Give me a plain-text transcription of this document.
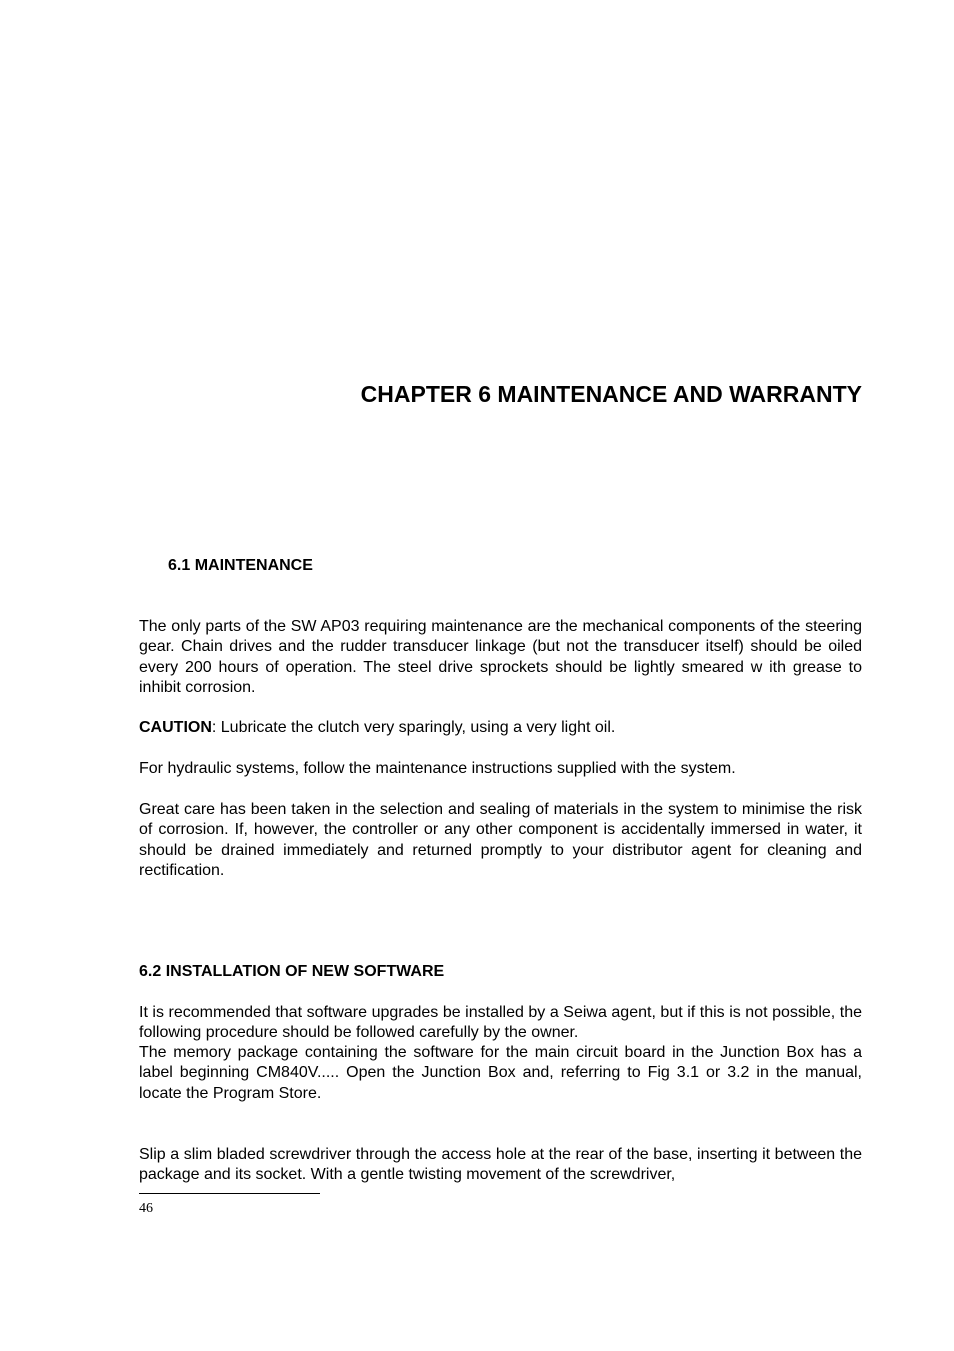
CHAPTER 6 MAINTENANCE AND WARRANTY
6.1 MAINTENANCE

The only parts of the SW AP03 requiring maintenance are the mechanical components of the steering gear. Chain drives and the rudder transducer linkage (but not the transducer itself) should be oiled every 200 hours of operation. The steel drive sprockets should be lightly smeared w ith grease to inhibit corrosion.

CAUTION: Lubricate the clutch very sparingly, using a very light oil.

For hydraulic systems, follow the maintenance instructions supplied with the system.

Great care has been taken in the selection and sealing of materials in the system to minimise the risk of corrosion. If, however, the controller or any other component is accidentally immersed in water, it should be drained immediately and returned promptly to your distributor agent for cleaning and rectification.

6.2 INSTALLATION OF NEW SOFTWARE

It is recommended that software upgrades be installed by a Seiwa agent, but if this is not possible, the following procedure should be followed carefully by the owner.

The memory package containing the software for the main circuit board in the Junction Box has a label beginning CM840V..... Open the Junction Box and, referring to Fig 3.1 or 3.2 in the manual, locate the Program Store.

Slip a slim bladed screwdriver through the access hole at the rear of the base, inserting it between the package and its socket. With a gentle twisting movement of the screwdriver,

46
